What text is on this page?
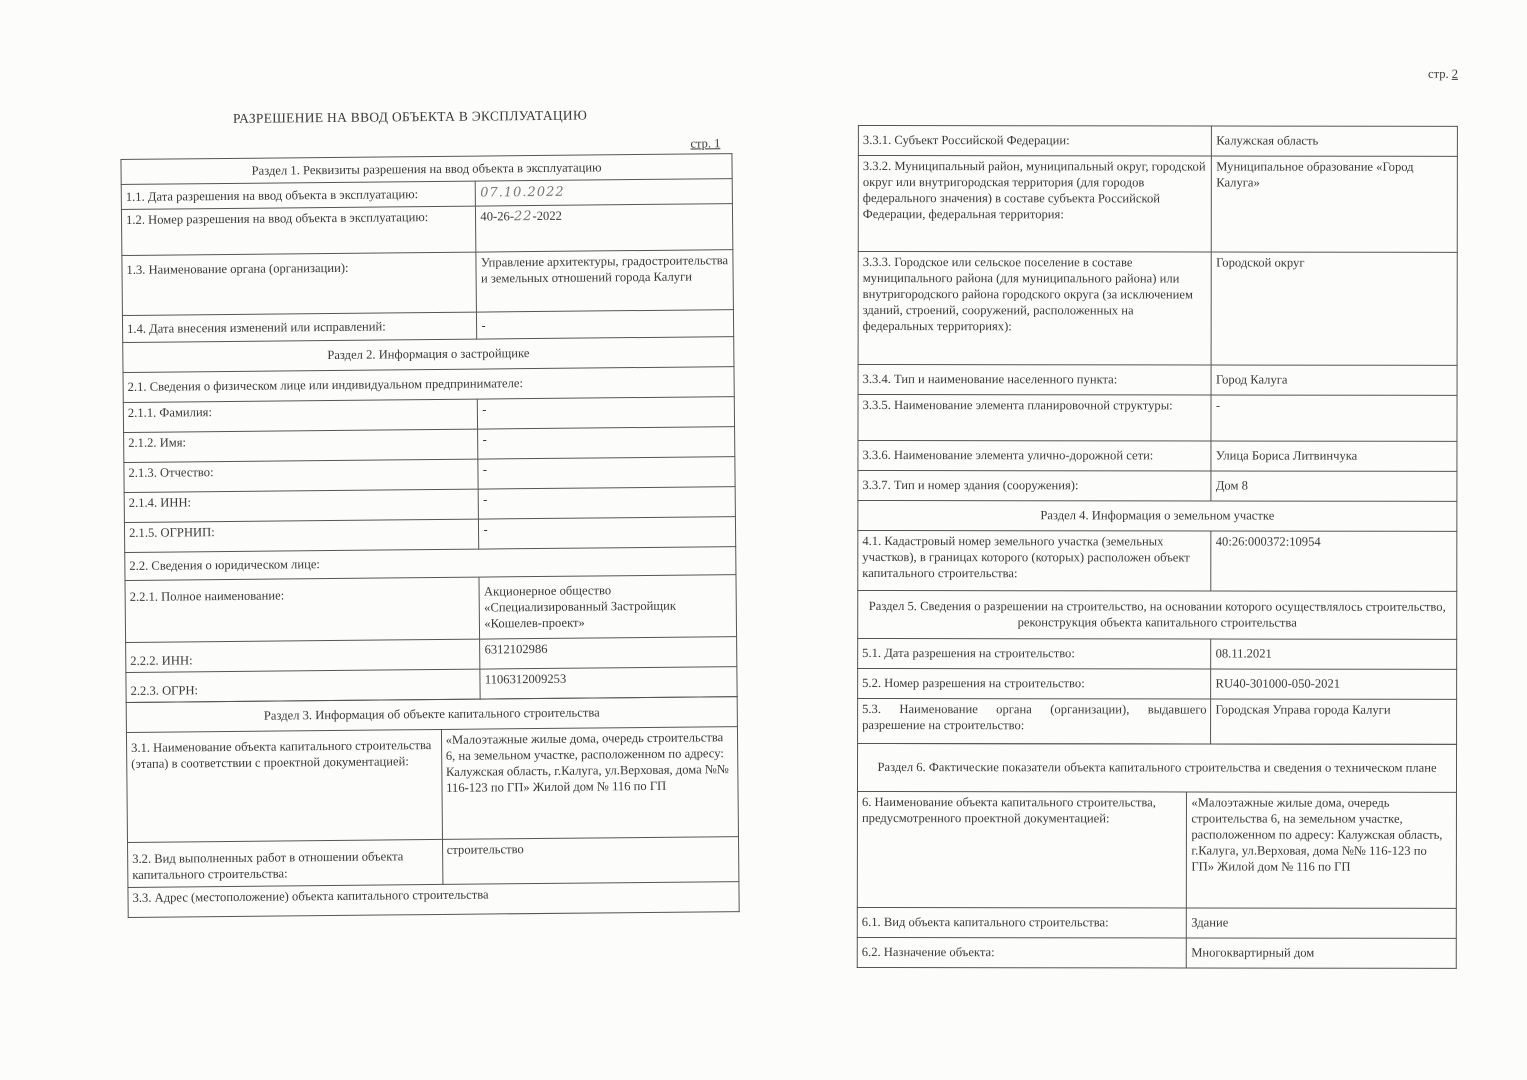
РАЗРЕШЕНИЕ НА ВВОД ОБЪЕКТА В ЭКСПЛУАТАЦИЮ
стр. 1
Раздел 1. Реквизиты разрешения на ввод объекта в эксплуатацию	
1.1. Дата разрешения на ввод объекта в эксплуатацию:	07.10.2022
1.2. Номер разрешения на ввод объекта в эксплуатацию:	40-26-22-2022
1.3. Наименование органа (организации):	Управление архитектуры, градостроительства и земельных отношений города Калуги
1.4. Дата внесения изменений или исправлений:	-
Раздел 2. Информация о застройщике	
2.1. Сведения о физическом лице или индивидуальном предпринимателе:	
2.1.1. Фамилия:	-
2.1.2. Имя:	-
2.1.3. Отчество:	-
2.1.4. ИНН:	-
2.1.5. ОГРНИП:	-
2.2. Сведения о юридическом лице:	
2.2.1. Полное наименование:	Акционерное общество «Специализированный Застройщик «Кошелев-проект»
2.2.2. ИНН:	6312102986
2.2.3. ОГРН:	1106312009253
Раздел 3. Информация об объекте капитального строительства	
3.1. Наименование объекта капитального строительства (этапа) в соответствии с проектной документацией:	«Малоэтажные жилые дома, очередь строительства 6, на земельном участке, расположенном по адресу: Калужская область, г.Калуга, ул.Верховая, дома №№ 116-123 по ГП» Жилой дом № 116 по ГП
3.2. Вид выполненных работ в отношении объекта капитального строительства:	строительство
3.3. Адрес (местоположение) объекта капитального строительства	
стр. 2
3.3.1. Субъект Российской Федерации:	Калужская область
3.3.2. Муниципальный район, муниципальный округ, городской округ или внутригородская территория (для городов федерального значения) в составе субъекта Российской Федерации, федеральная территория:	Муниципальное образование «Город Калуга»
3.3.3. Городское или сельское поселение в составе муниципального района (для муниципального района) или внутригородского района городского округа (за исключением зданий, строений, сооружений, расположенных на федеральных территориях):	Городской округ
3.3.4. Тип и наименование населенного пункта:	Город Калуга
3.3.5. Наименование элемента планировочной структуры:	-
3.3.6. Наименование элемента улично-дорожной сети:	Улица Бориса Литвинчука
3.3.7. Тип и номер здания (сооружения):	Дом 8
Раздел 4. Информация о земельном участке	
4.1. Кадастровый номер земельного участка (земельных участков), в границах которого (которых) расположен объект капитального строительства:	40:26:000372:10954
Раздел 5. Сведения о разрешении на строительство, на основании которого осуществлялось строительство, реконструкция объекта капитального строительства	
5.1. Дата разрешения на строительство:	08.11.2021
5.2. Номер разрешения на строительство:	RU40-301000-050-2021
5.3. Наименование органа (организации), выдавшего разрешение на строительство:	Городская Управа города Калуги
Раздел 6. Фактические показатели объекта капитального строительства и сведения о техническом плане	
6. Наименование объекта капитального строительства, предусмотренного проектной документацией:	«Малоэтажные жилые дома, очередь строительства 6, на земельном участке, расположенном по адресу: Калужская область, г.Калуга, ул.Верховая, дома №№ 116-123 по ГП» Жилой дом № 116 по ГП
6.1. Вид объекта капитального строительства:	Здание
6.2. Назначение объекта:	Многоквартирный дом
